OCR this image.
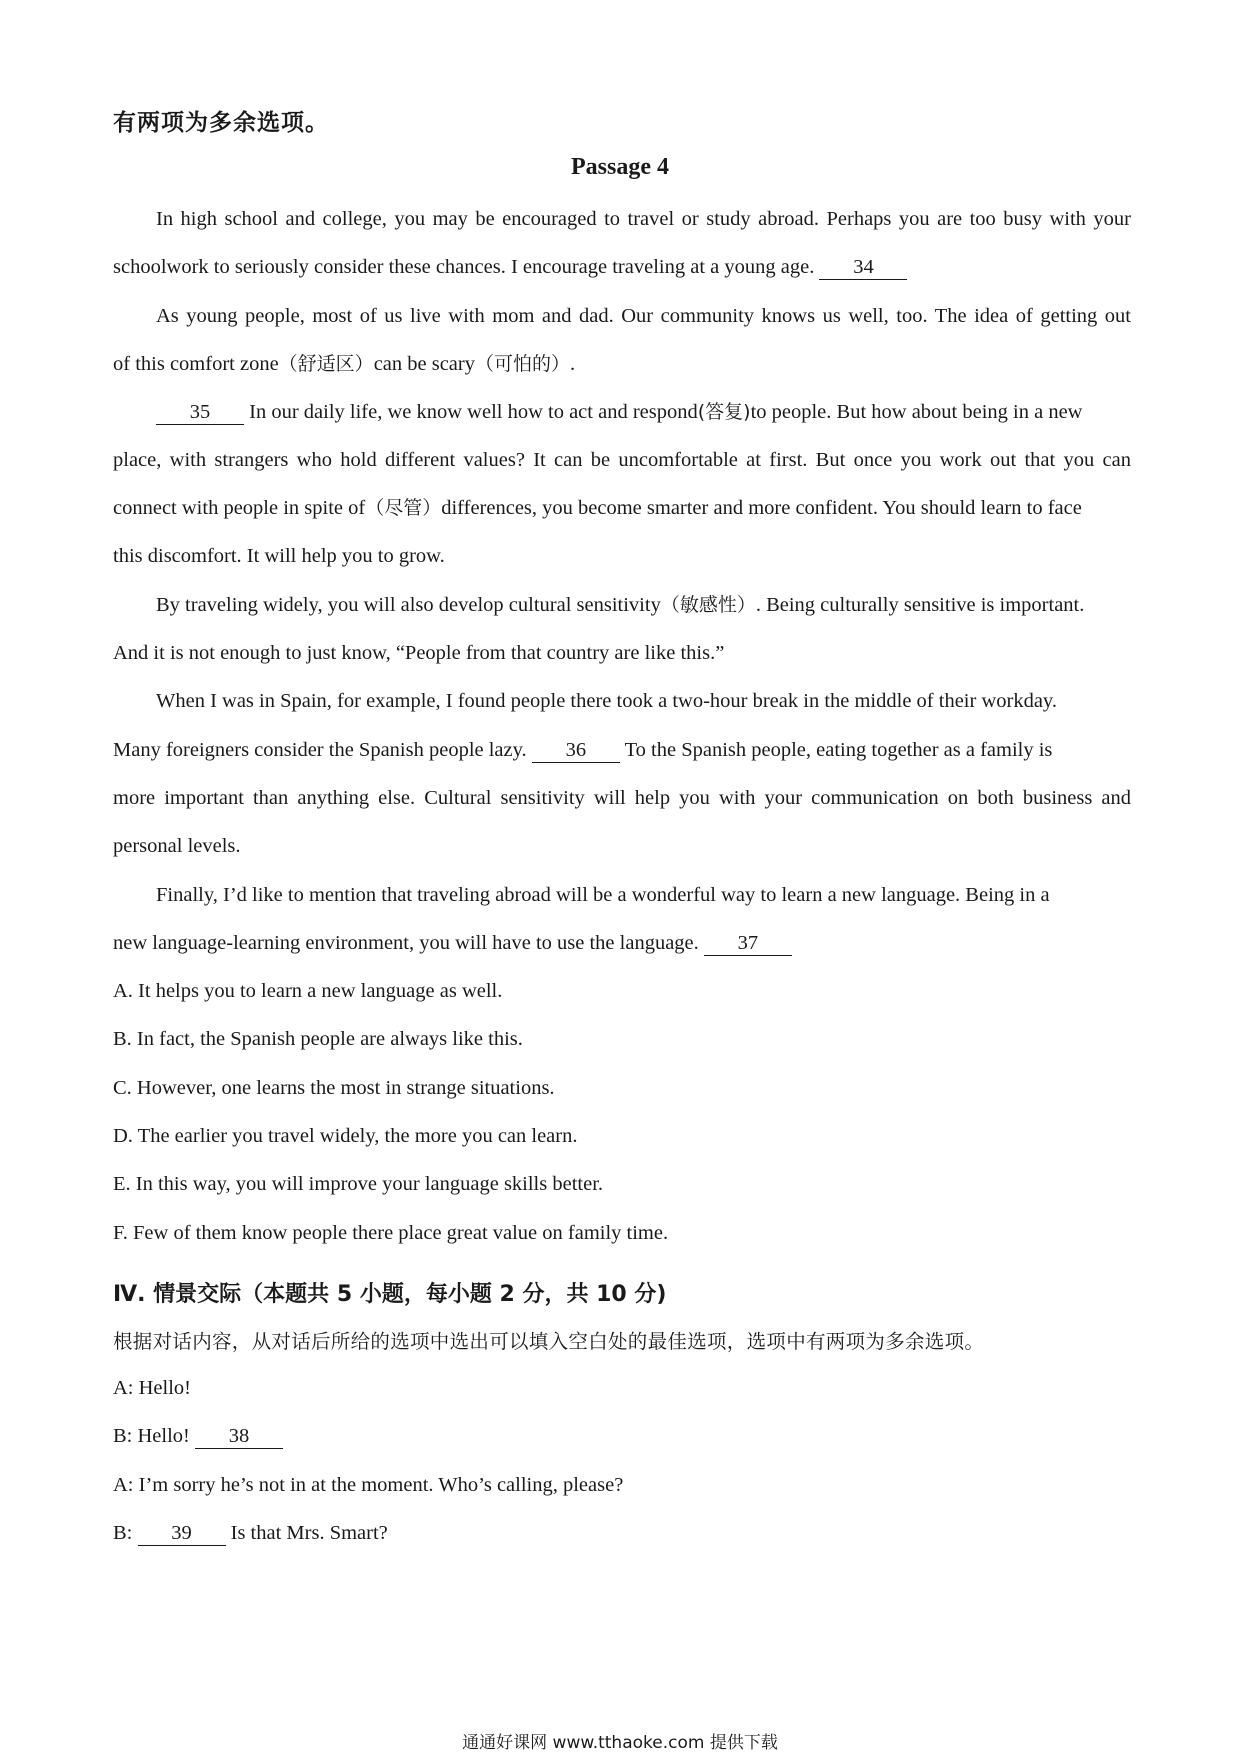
有两项为多余选项。
Passage 4
In high school and college, you may be encouraged to travel or study abroad. Perhaps you are too busy with your
schoolwork to seriously consider these chances. I encourage traveling at a young age. 34
As young people, most of us live with mom and dad. Our community knows us well, too. The idea of getting out
of this comfort zone（舒适区）can be scary（可怕的）.
35 In our daily life, we know well how to act and respond(答复)to people. But how about being in a new
place, with strangers who hold different values? It can be uncomfortable at first. But once you work out that you can
connect with people in spite of（尽管）differences, you become smarter and more confident. You should learn to face
this discomfort. It will help you to grow.
By traveling widely, you will also develop cultural sensitivity（敏感性）. Being culturally sensitive is important.
And it is not enough to just know, “People from that country are like this.”
When I was in Spain, for example, I found people there took a two-hour break in the middle of their workday.
Many foreigners consider the Spanish people lazy. 36 To the Spanish people, eating together as a family is
more important than anything else. Cultural sensitivity will help you with your communication on both business and
personal levels.
Finally, I’d like to mention that traveling abroad will be a wonderful way to learn a new language. Being in a
new language-learning environment, you will have to use the language. 37
A. It helps you to learn a new language as well.
B. In fact, the Spanish people are always like this.
C. However, one learns the most in strange situations.
D. The earlier you travel widely, the more you can learn.
E. In this way, you will improve your language skills better.
F. Few of them know people there place great value on family time.
Ⅳ. 情景交际（本题共 5 小题，每小题 2 分，共 10 分)
根据对话内容，从对话后所给的选项中选出可以填入空白处的最佳选项，选项中有两项为多余选项。
A: Hello!
B: Hello! 38
A: I’m sorry he’s not in at the moment. Who’s calling, please?
B: 39 Is that Mrs. Smart?
通通好课网 www.tthaoke.com 提供下载
